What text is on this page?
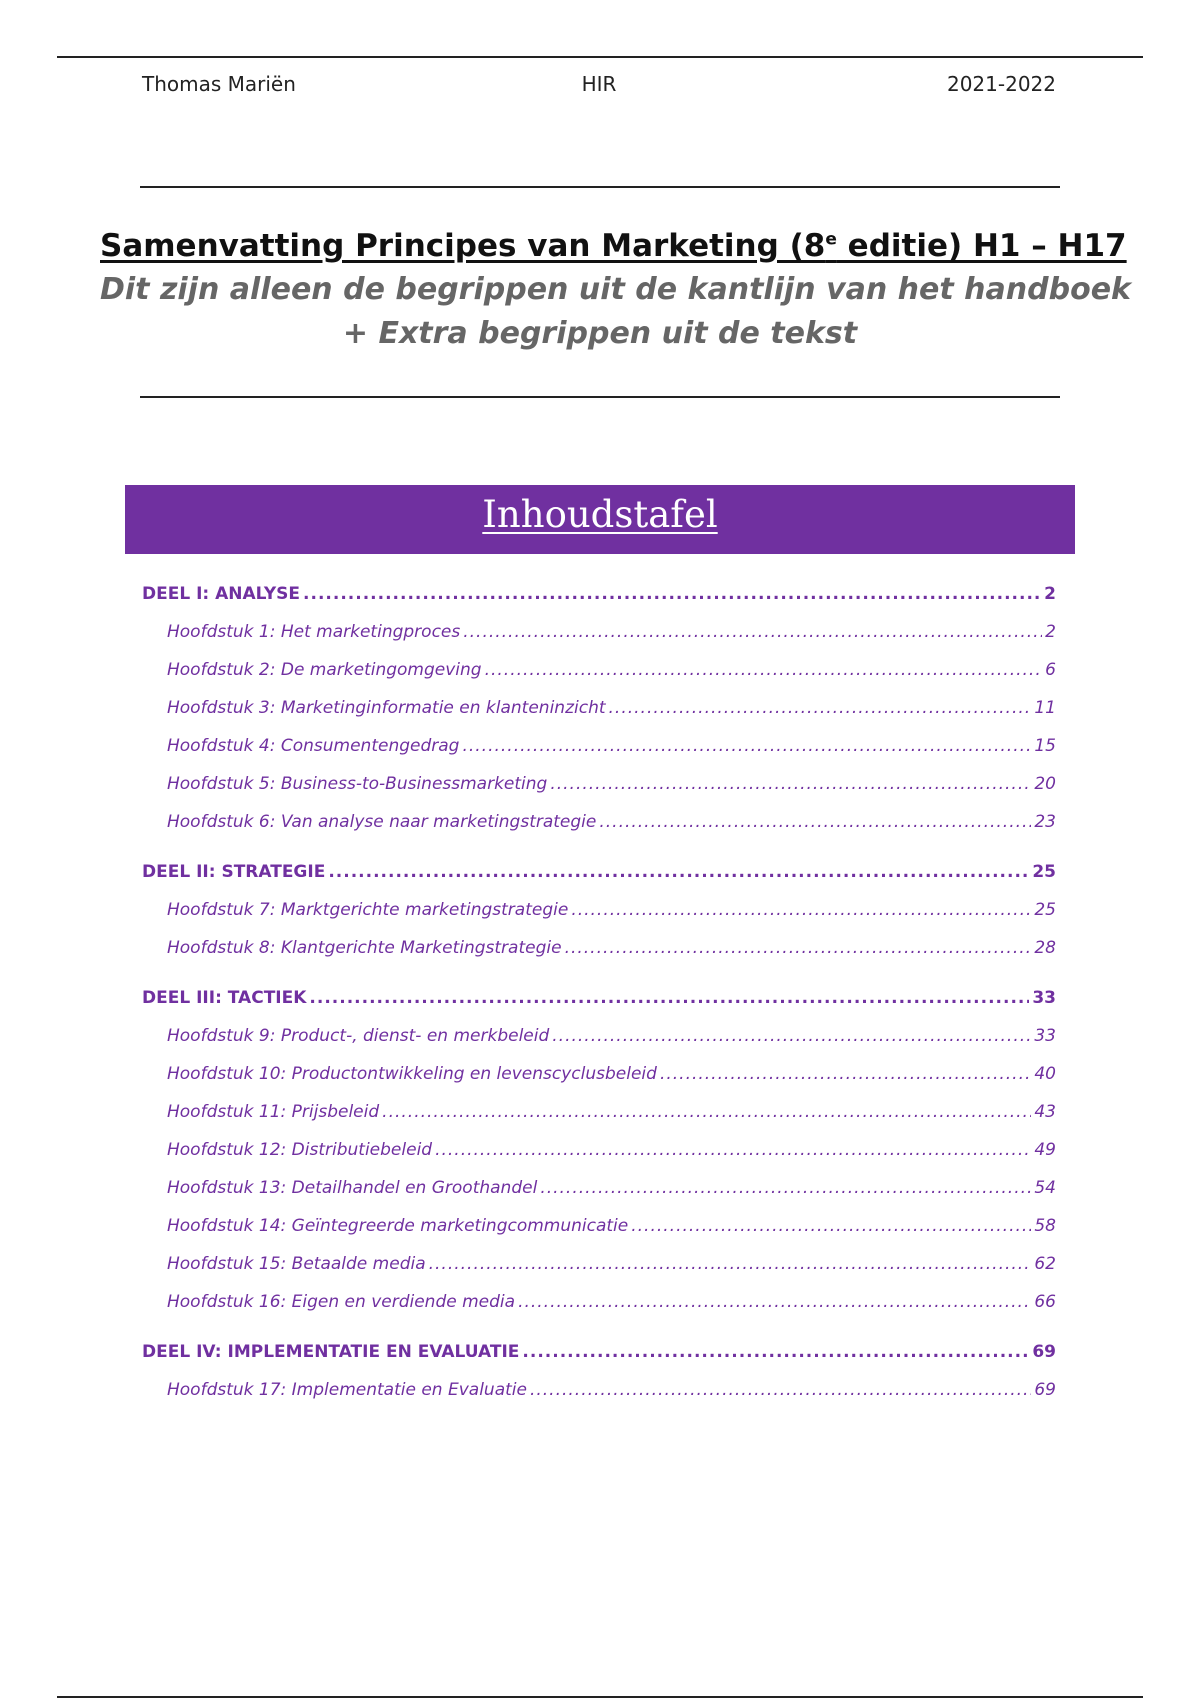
Thomas Mariën	HIR	2021-2022
Samenvatting Principes van Marketing (8e editie) H1 – H17
Dit zijn alleen de begrippen uit de kantlijn van het handboek
+ Extra begrippen uit de tekst
Inhoudstafel
DEEL I: ANALYSE .....	2
Hoofdstuk 1: Het marketingproces .....	2
Hoofdstuk 2: De marketingomgeving .....	6
Hoofdstuk 3: Marketinginformatie en klanteninzicht .....	11
Hoofdstuk 4: Consumentengedrag .....	15
Hoofdstuk 5: Business-to-Businessmarketing .....	20
Hoofdstuk 6: Van analyse naar marketingstrategie .....	23
DEEL II: STRATEGIE .....	25
Hoofdstuk 7: Marktgerichte marketingstrategie .....	25
Hoofdstuk 8: Klantgerichte Marketingstrategie .....	28
DEEL III: TACTIEK .....	33
Hoofdstuk 9: Product-, dienst- en merkbeleid .....	33
Hoofdstuk 10: Productontwikkeling en levenscyclusbeleid .....	40
Hoofdstuk 11: Prijsbeleid .....	43
Hoofdstuk 12: Distributiebeleid .....	49
Hoofdstuk 13: Detailhandel en Groothandel .....	54
Hoofdstuk 14: Geïntegreerde marketingcommunicatie .....	58
Hoofdstuk 15: Betaalde media .....	62
Hoofdstuk 16: Eigen en verdiende media .....	66
DEEL IV: IMPLEMENTATIE EN EVALUATIE .....	69
Hoofdstuk 17: Implementatie en Evaluatie .....	69
